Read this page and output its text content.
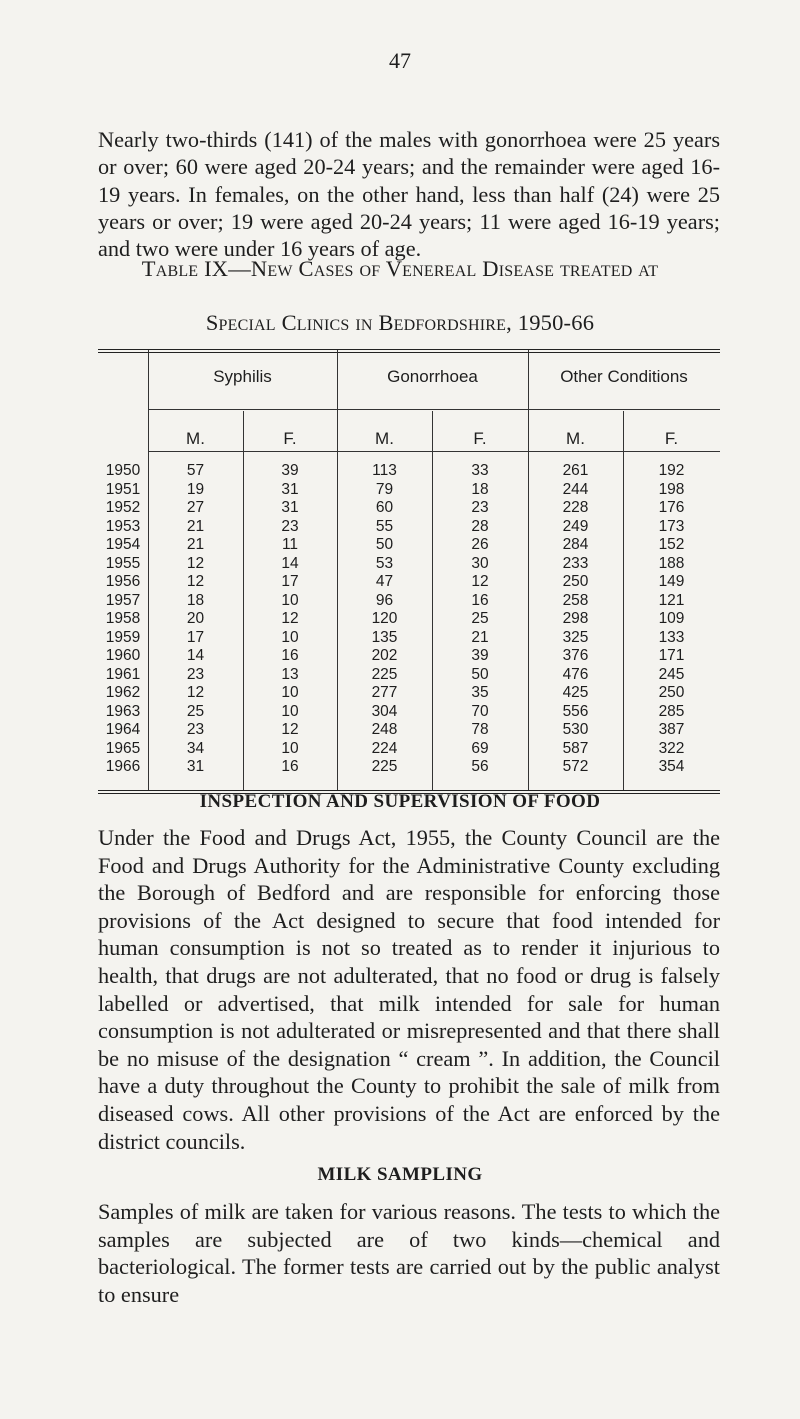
47

Nearly two-thirds (141) of the males with gonorrhoea were 25 years or over; 60 were aged 20-24 years; and the remainder were aged 16-19 years. In females, on the other hand, less than half (24) were 25 years or over; 19 were aged 20-24 years; 11 were aged 16-19 years; and two were under 16 years of age.

Table IX—New Cases of Venereal Disease treated at
Special Clinics in Bedfordshire, 1950-66
Syphilis	Gonorrhoea	Other Conditions
M.	F.	M.	F.	M.	F.
1950	57	39	113	33	261	192
1951	19	31	79	18	244	198
1952	27	31	60	23	228	176
1953	21	23	55	28	249	173
1954	21	11	50	26	284	152
1955	12	14	53	30	233	188
1956	12	17	47	12	250	149
1957	18	10	96	16	258	121
1958	20	12	120	25	298	109
1959	17	10	135	21	325	133
1960	14	16	202	39	376	171
1961	23	13	225	50	476	245
1962	12	10	277	35	425	250
1963	25	10	304	70	556	285
1964	23	12	248	78	530	387
1965	34	10	224	69	587	322
1966	31	16	225	56	572	354
INSPECTION AND SUPERVISION OF FOOD

Under the Food and Drugs Act, 1955, the County Council are the Food and Drugs Authority for the Administrative County excluding the Borough of Bedford and are responsible for enforcing those provisions of the Act designed to secure that food intended for human consumption is not so treated as to render it injurious to health, that drugs are not adulterated, that no food or drug is falsely labelled or advertised, that milk intended for sale for human consumption is not adulterated or misrepresented and that there shall be no misuse of the designation “ cream ”. In addition, the Council have a duty throughout the County to prohibit the sale of milk from diseased cows. All other provisions of the Act are enforced by the district councils.

MILK SAMPLING

Samples of milk are taken for various reasons. The tests to which the samples are subjected are of two kinds—chemical and bacteriological. The former tests are carried out by the public analyst to ensure
